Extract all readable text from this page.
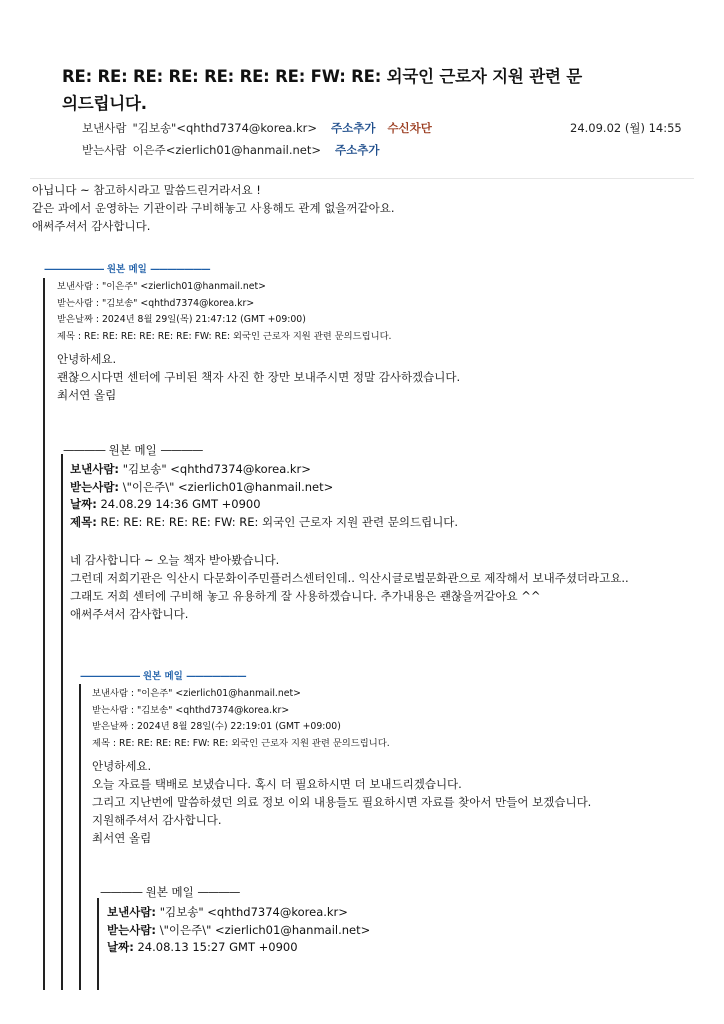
RE: RE: RE: RE: RE: RE: RE: FW: RE: 외국인 근로자 지원 관련 문
의드립니다.
보낸사람 "김보송"<qhthd7374@korea.kr> 주소추가 수신차단	24.09.02 (월) 14:55
받는사람 이은주<zierlich01@hanmail.net> 주소추가
아닙니다 ~ 참고하시라고 말씀드린거라서요 !
같은 과에서 운영하는 기관이라 구비해놓고 사용해도 관계 없을꺼같아요.
애써주셔서 감사합니다.
——————— 원본 메일 ———————
보낸사람 : "이은주" <zierlich01@hanmail.net>
받는사람 : "김보송" <qhthd7374@korea.kr>
받은날짜 : 2024년 8월 29일(목) 21:47:12 (GMT +09:00)
제목 : RE: RE: RE: RE: RE: RE: FW: RE: 외국인 근로자 지원 관련 문의드립니다.
안녕하세요.
괜찮으시다면 센터에 구비된 책자 사진 한 장만 보내주시면 정말 감사하겠습니다.
최서연 올림
———— 원본 메일 ————
보낸사람: "김보송" <qhthd7374@korea.kr>
받는사람: \"이은주\" <zierlich01@hanmail.net>
날짜: 24.08.29 14:36 GMT +0900
제목: RE: RE: RE: RE: RE: FW: RE: 외국인 근로자 지원 관련 문의드립니다.
네 감사합니다 ~ 오늘 책자 받아봤습니다.
그런데 저희기관은 익산시 다문화이주민플러스센터인데.. 익산시글로벌문화관으로 제작해서 보내주셨더라고요..
그래도 저희 센터에 구비해 놓고 유용하게 잘 사용하겠습니다. 추가내용은 괜찮을꺼같아요 ^^
애써주셔서 감사합니다.
——————— 원본 메일 ———————
보낸사람 : "이은주" <zierlich01@hanmail.net>
받는사람 : "김보송" <qhthd7374@korea.kr>
받은날짜 : 2024년 8월 28일(수) 22:19:01 (GMT +09:00)
제목 : RE: RE: RE: RE: FW: RE: 외국인 근로자 지원 관련 문의드립니다.
안녕하세요.
오늘 자료를 택배로 보냈습니다. 혹시 더 필요하시면 더 보내드리겠습니다.
그리고 지난번에 말씀하셨던 의료 정보 이외 내용들도 필요하시면 자료를 찾아서 만들어 보겠습니다.
지원해주셔서 감사합니다.
최서연 올림
———— 원본 메일 ————
보낸사람: "김보송" <qhthd7374@korea.kr>
받는사람: \"이은주\" <zierlich01@hanmail.net>
날짜: 24.08.13 15:27 GMT +0900
